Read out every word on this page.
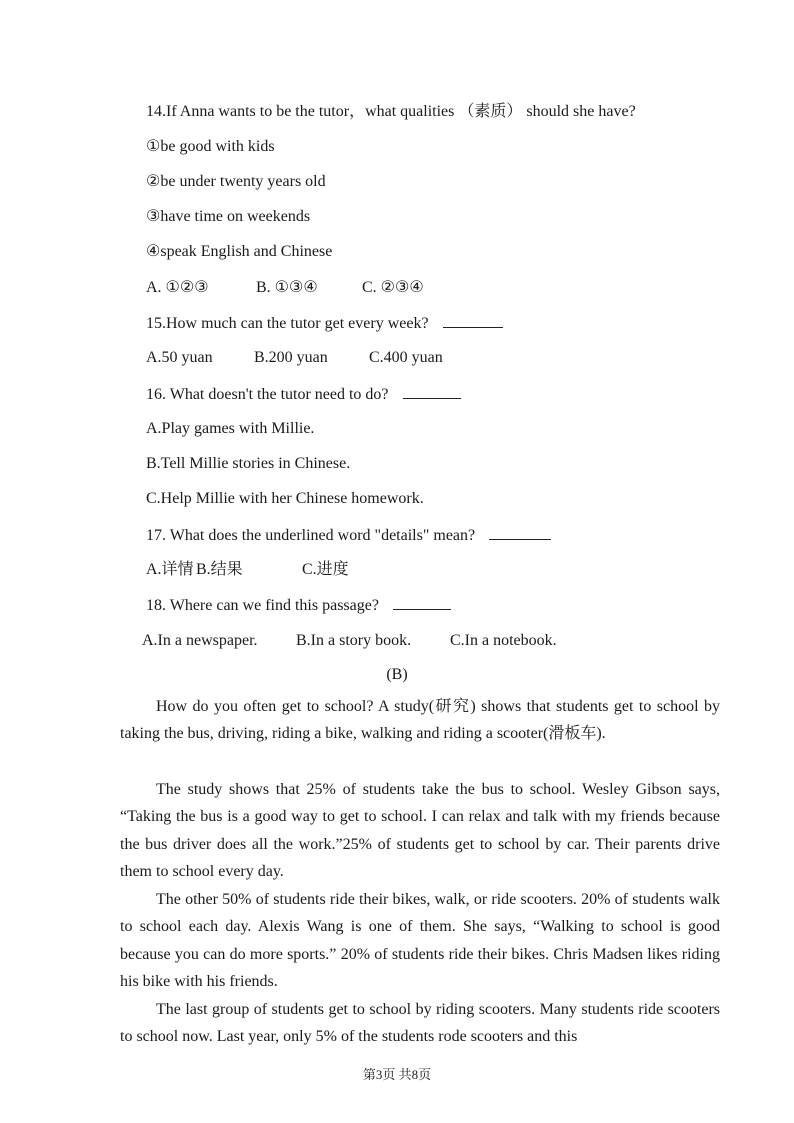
14.If Anna wants to be the tutor，what qualities （素质） should she have?
①be good with kids
②be under twenty years old
③have time on weekends
④speak English and Chinese
A. ①②③	B. ①③④	C. ②③④
15.How much can the tutor get every week?
A.50 yuan	B.200 yuan	C.400 yuan
16. What doesn't the tutor need to do?
A.Play games with Millie.
B.Tell Millie stories in Chinese.
C.Help Millie with her Chinese homework.
17. What does the underlined word "details" mean?
A.详情 B.结果	C.进度
18. Where can we find this passage?
A.In a newspaper. B.In a story book. C.In a notebook.
(B)
How do you often get to school? A study(研究) shows that students get to school by taking the bus, driving, riding a bike, walking and riding a scooter(滑板车).
The study shows that 25% of students take the bus to school. Wesley Gibson says, “Taking the bus is a good way to get to school. I can relax and talk with my friends because the bus driver does all the work.”25% of students get to school by car. Their parents drive them to school every day.
The other 50% of students ride their bikes, walk, or ride scooters. 20% of students walk to school each day. Alexis Wang is one of them. She says, “Walking to school is good because you can do more sports.” 20% of students ride their bikes. Chris Madsen likes riding his bike with his friends.
The last group of students get to school by riding scooters. Many students ride scooters to school now. Last year, only 5% of the students rode scooters and this
第3页 共8页
